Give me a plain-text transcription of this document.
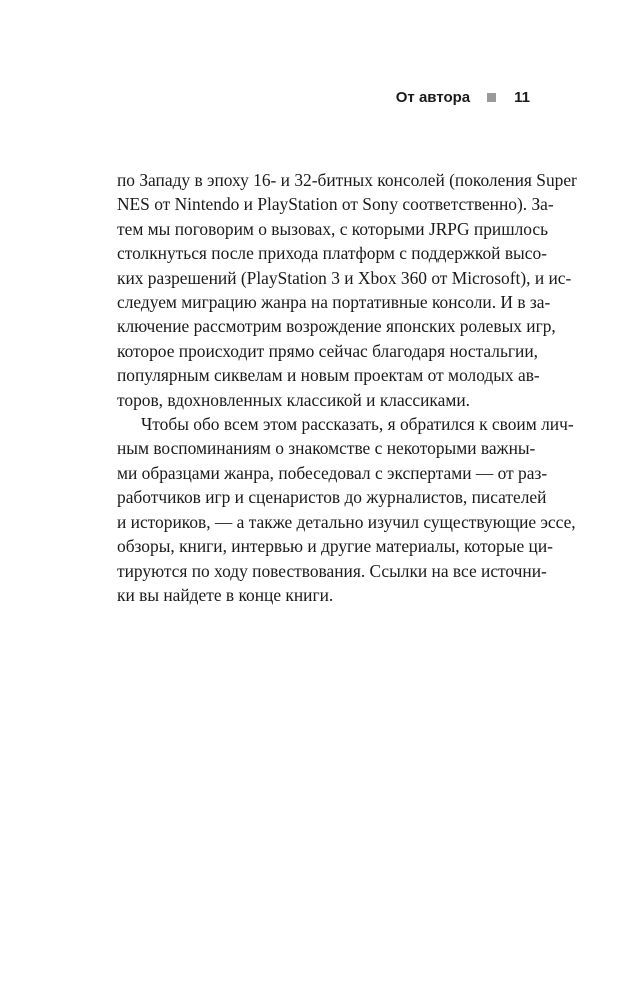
От автора	11
по Западу в эпоху 16- и 32-битных консолей (поколения Super
NES от Nintendo и PlayStation от Sony соответственно). За-
тем мы поговорим о вызовах, с которыми JRPG пришлось
столкнуться после прихода платформ с поддержкой высо-
ких разрешений (PlayStation 3 и Xbox 360 от Microsoft), и ис-
следуем миграцию жанра на портативные консоли. И в за-
ключение рассмотрим возрождение японских ролевых игр,
которое происходит прямо сейчас благодаря ностальгии,
популярным сиквелам и новым проектам от молодых ав-
торов, вдохновленных классикой и классиками.
Чтобы обо всем этом рассказать, я обратился к своим лич-
ным воспоминаниям о знакомстве с некоторыми важны-
ми образцами жанра, побеседовал с экспертами — от раз-
работчиков игр и сценаристов до журналистов, писателей
и историков, — а также детально изучил существующие эссе,
обзоры, книги, интервью и другие материалы, которые ци-
тируются по ходу повествования. Ссылки на все источни-
ки вы найдете в конце книги.
